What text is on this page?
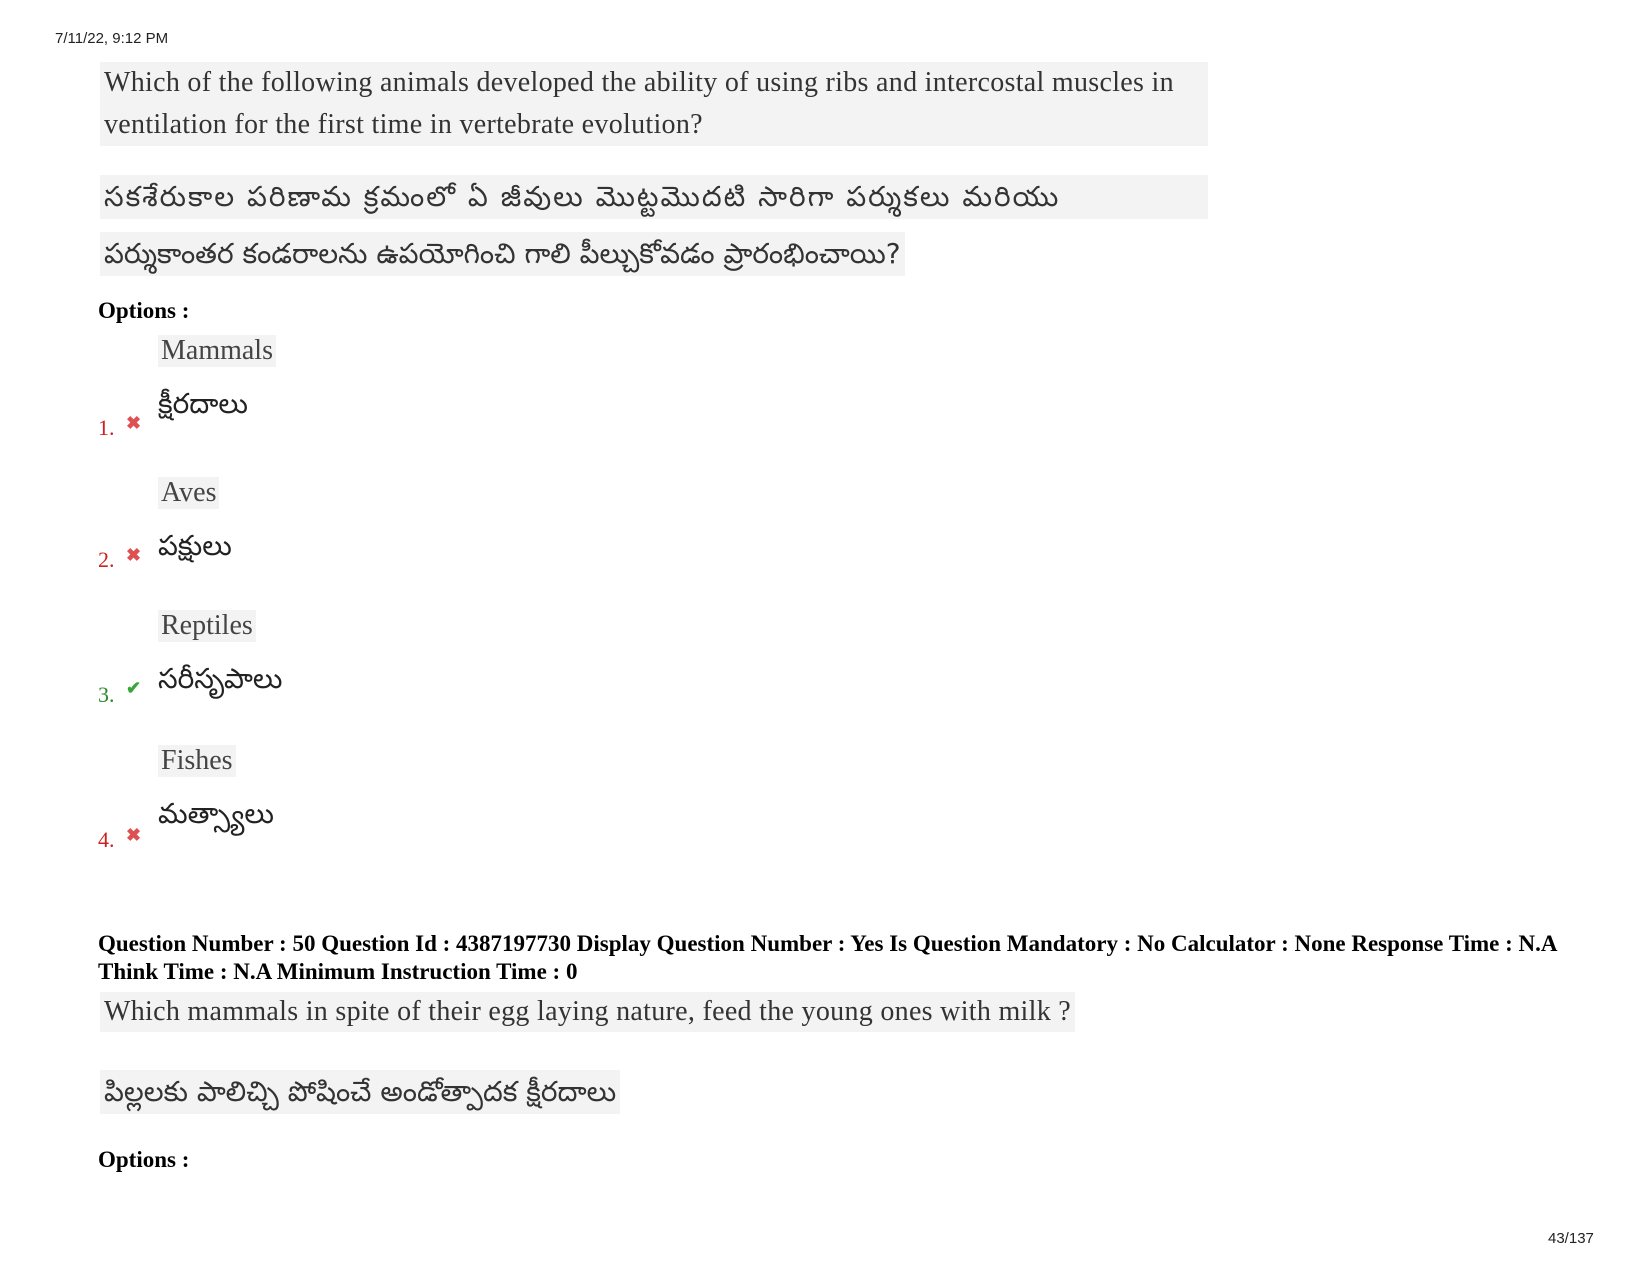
7/11/22, 9:12 PM
Which of the following animals developed the ability of using ribs and intercostal muscles in ventilation for the first time in vertebrate evolution?
సకశేరుకాల పరిణామ క్రమంలో ఏ జీవులు మొట్టమొదటి సారిగా పర్శుకలు మరియు
పర్శుకాంతర కండరాలను ఉపయోగించి గాలి పీల్చుకోవడం ప్రారంభించాయి?
Options :
Mammals
క్షీరదాలు
1. ✖
Aves
పక్షులు
2. ✖
Reptiles
సరీసృపాలు
3. ✔
Fishes
మత్స్యాలు
4. ✖
Question Number : 50 Question Id : 4387197730 Display Question Number : Yes Is Question Mandatory : No Calculator : None Response Time : N.A Think Time : N.A Minimum Instruction Time : 0
Which mammals in spite of their egg laying nature, feed the young ones with milk ?
పిల్లలకు పాలిచ్చి పోషించే అండోత్పాదక క్షీరదాలు
Options :
43/137
